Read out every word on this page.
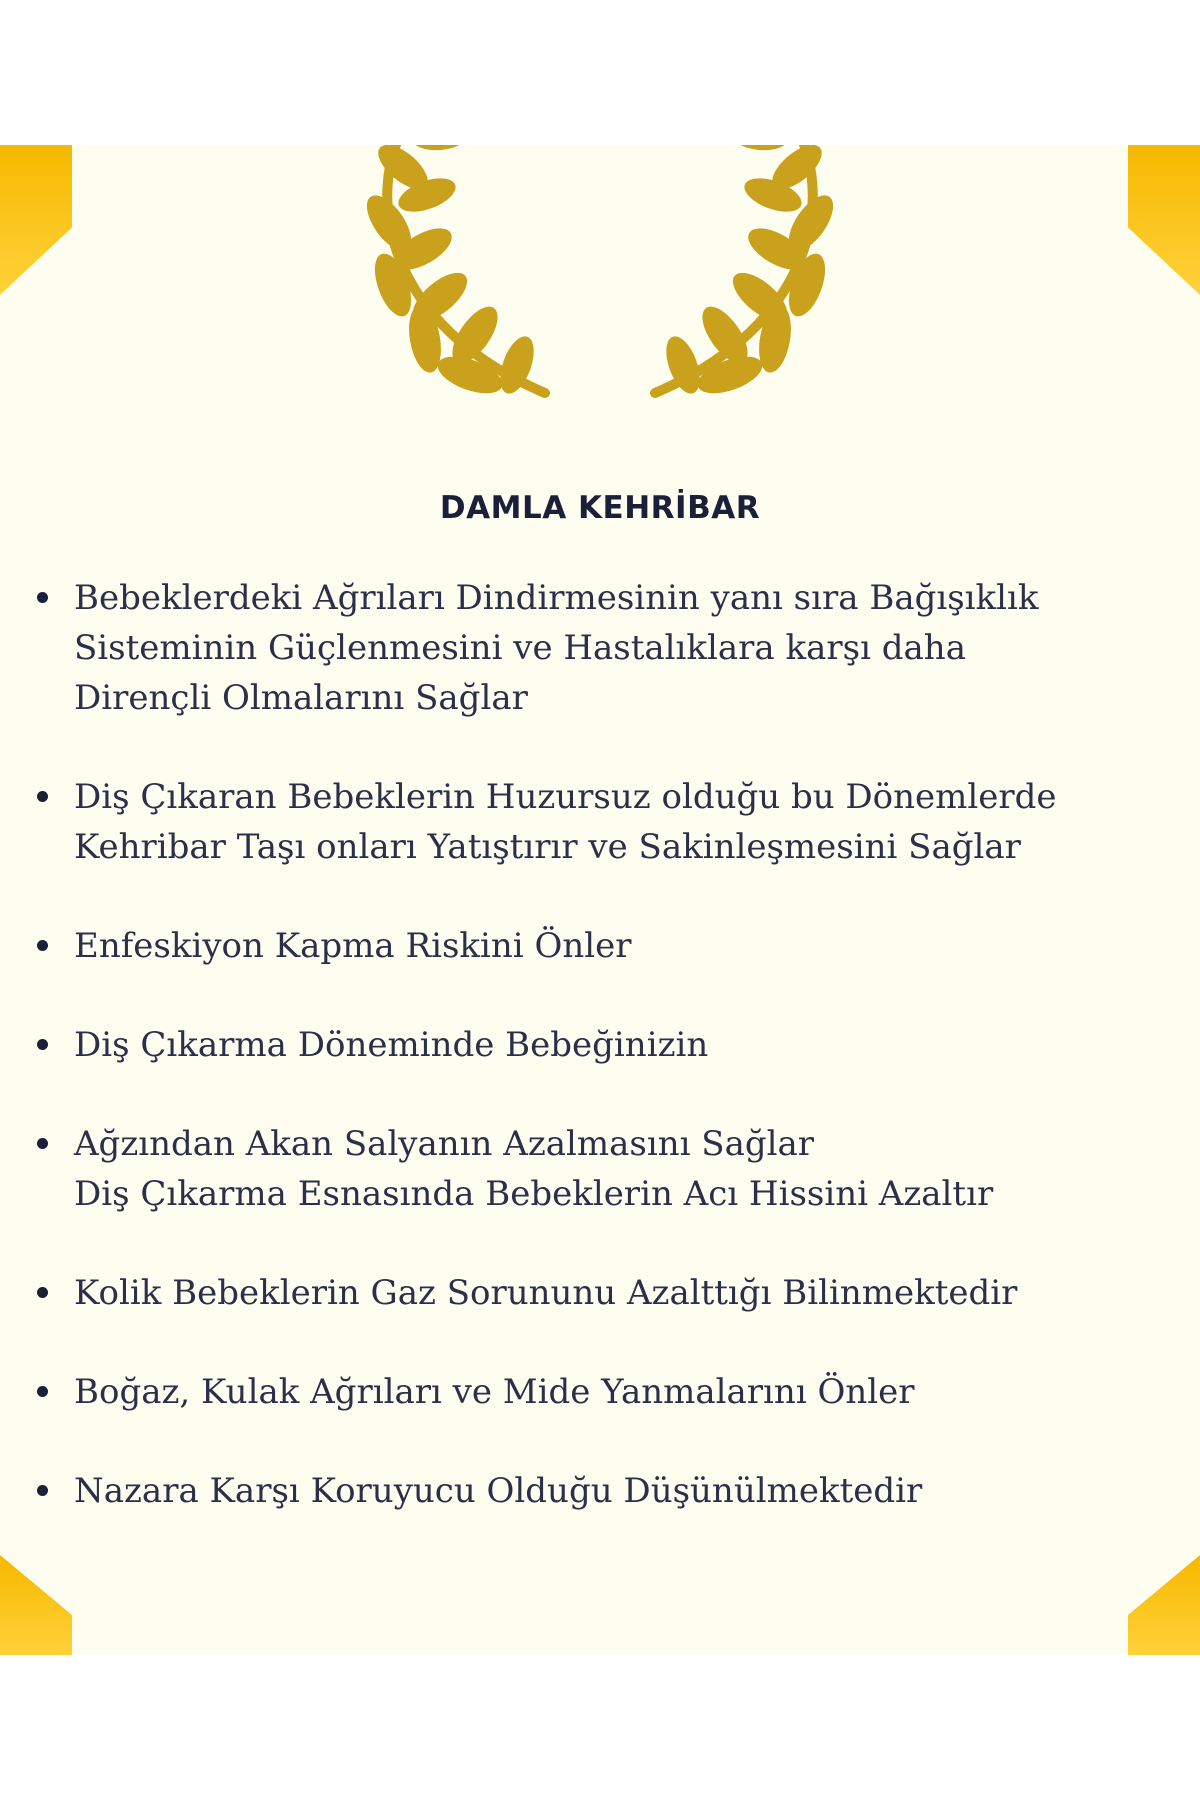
DAMLA KEHRİBAR
Bebeklerdeki Ağrıları Dindirmesinin yanı sıra Bağışıklık
Sisteminin Güçlenmesini ve Hastalıklara karşı daha
Dirençli Olmalarını Sağlar
Diş Çıkaran Bebeklerin Huzursuz olduğu bu Dönemlerde
Kehribar Taşı onları Yatıştırır ve Sakinleşmesini Sağlar
Enfeskiyon Kapma Riskini Önler
Diş Çıkarma Döneminde Bebeğinizin
Ağzından Akan Salyanın Azalmasını Sağlar
Diş Çıkarma Esnasında Bebeklerin Acı Hissini Azaltır
Kolik Bebeklerin Gaz Sorununu Azalttığı Bilinmektedir
Boğaz, Kulak Ağrıları ve Mide Yanmalarını Önler
Nazara Karşı Koruyucu Olduğu Düşünülmektedir
